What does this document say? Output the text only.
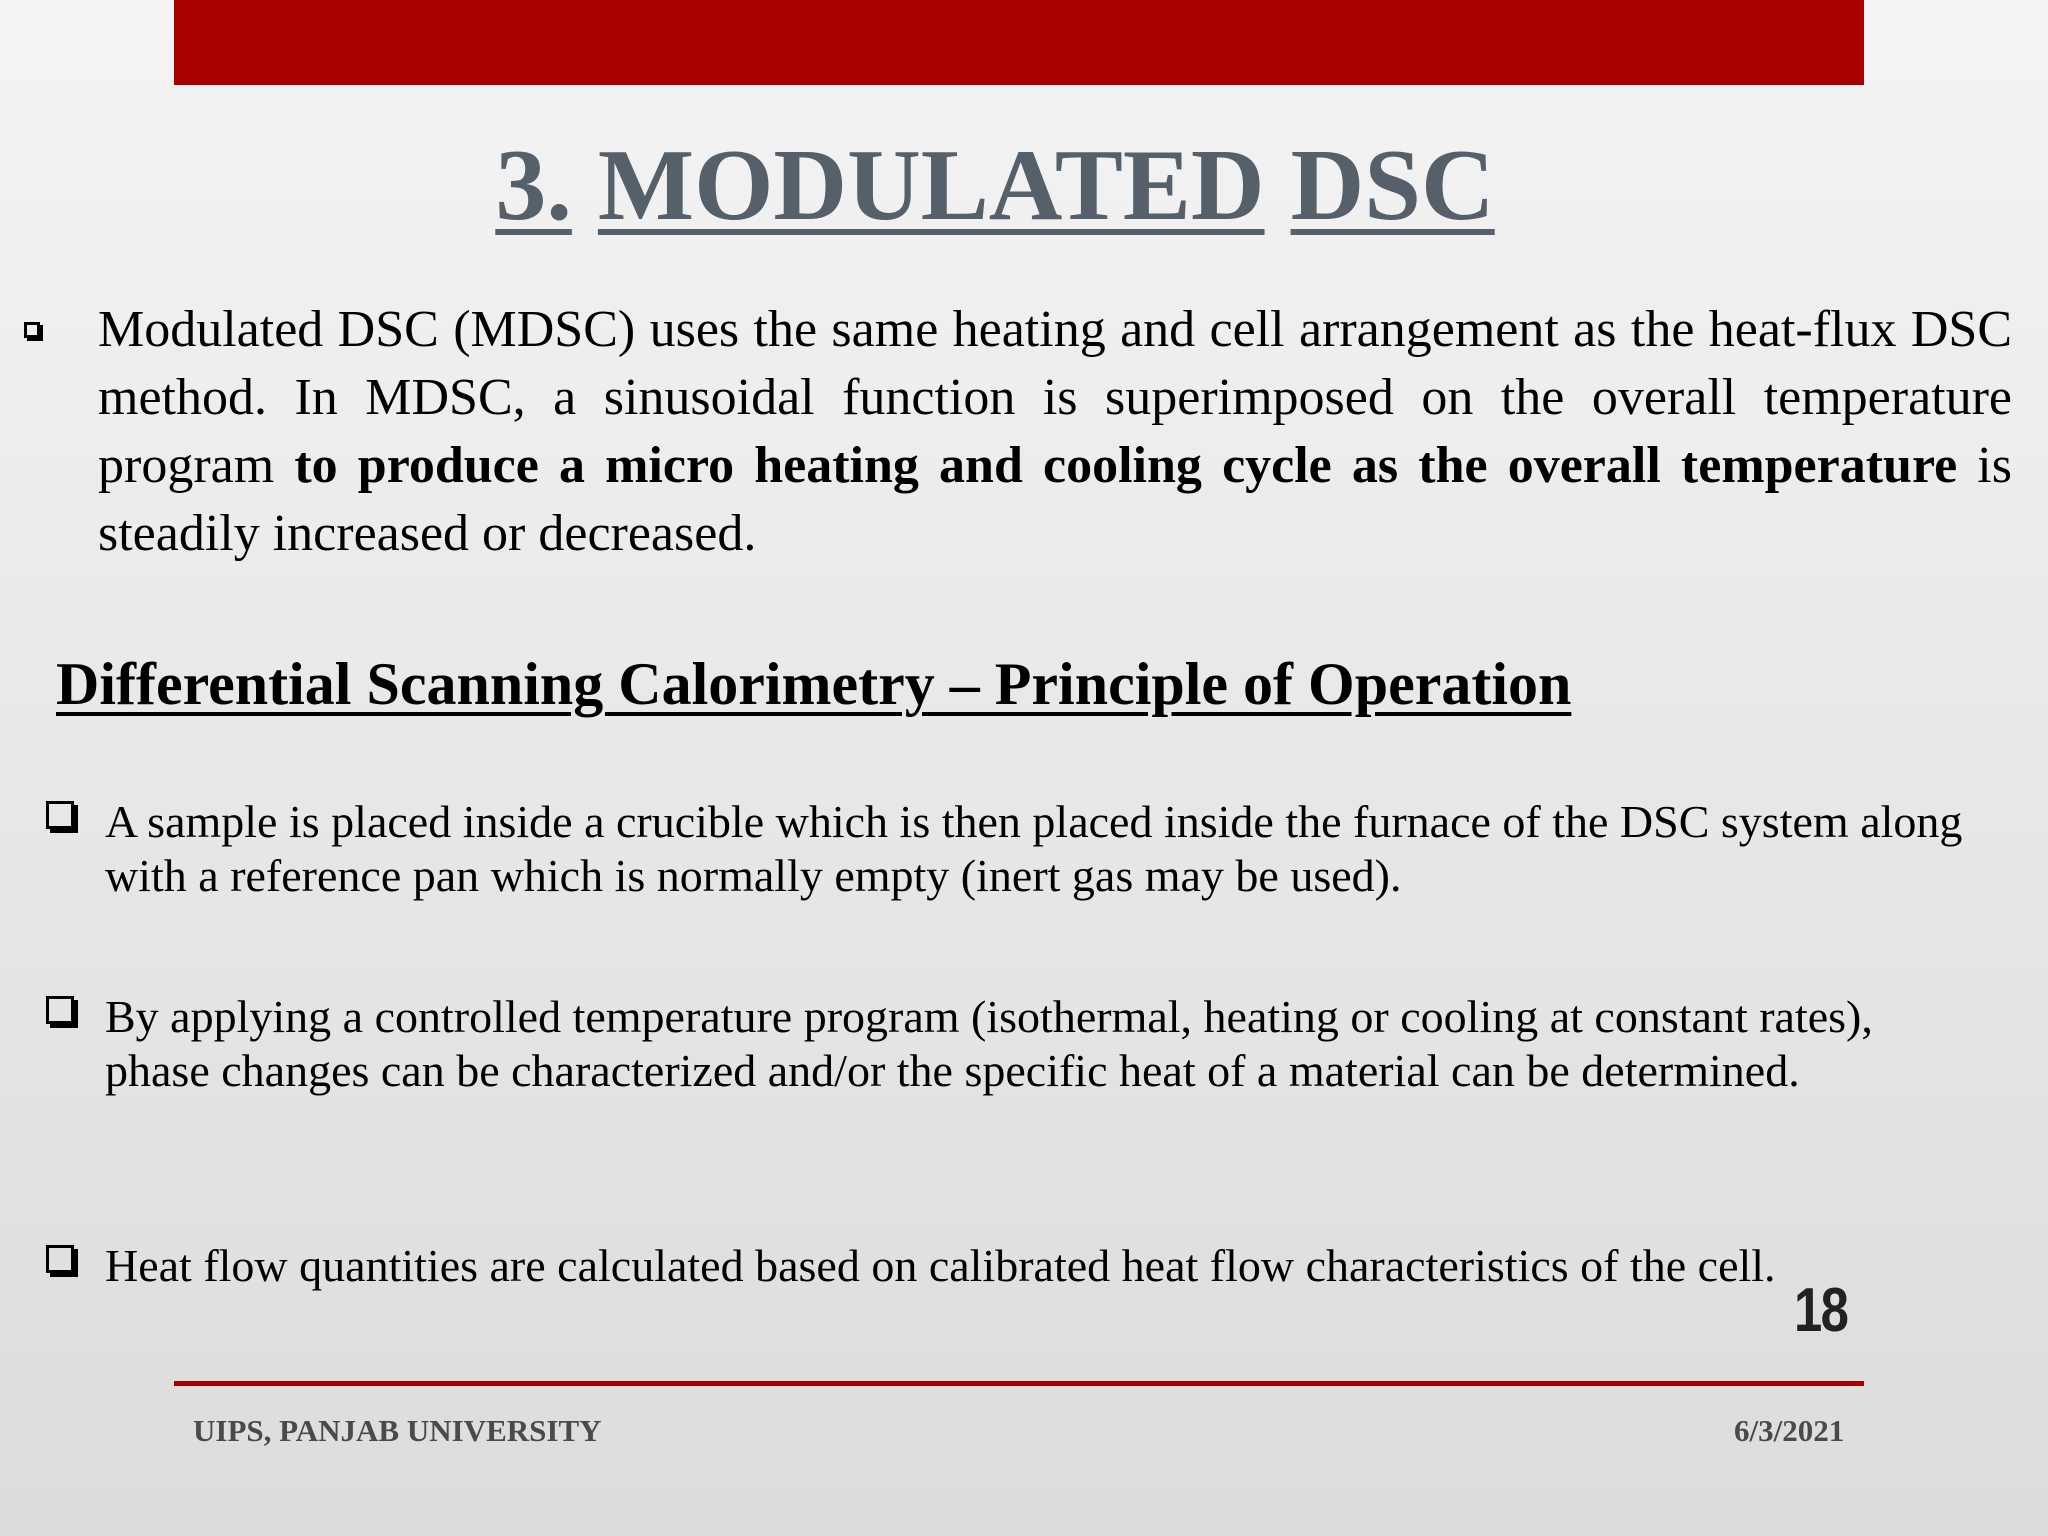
3. MODULATED DSC
Modulated DSC (MDSC) uses the same heating and cell arrangement as the heat-flux DSC method. In MDSC, a sinusoidal function is superimposed on the overall temperature program to produce a micro heating and cooling cycle as the overall temperature is steadily increased or decreased.
Differential Scanning Calorimetry – Principle of Operation
A sample is placed inside a crucible which is then placed inside the furnace of the DSC system along with a reference pan which is normally empty (inert gas may be used).
By applying a controlled temperature program (isothermal, heating or cooling at constant rates), phase changes can be characterized and/or the specific heat of a material can be determined.
Heat flow quantities are calculated based on calibrated heat flow characteristics of the cell.
18
UIPS, PANJAB UNIVERSITY	6/3/2021
